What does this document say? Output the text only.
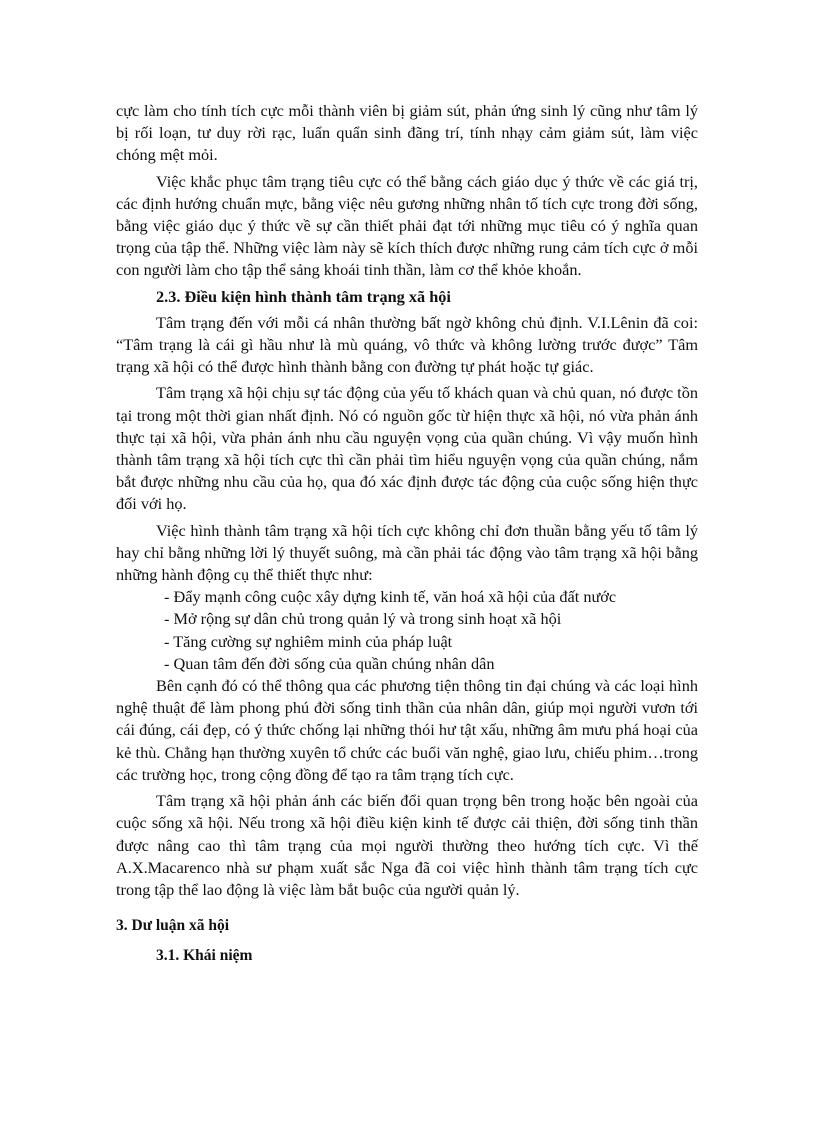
cực làm cho tính tích cực mỗi thành viên bị giảm sút, phản ứng sinh lý cũng như tâm lý bị rối loạn, tư duy rời rạc, luẩn quẩn sinh đãng trí, tính nhạy cảm giảm sút, làm việc chóng mệt mỏi.

Việc khắc phục tâm trạng tiêu cực có thể bằng cách giáo dục ý thức về các giá trị, các định hướng chuẩn mực, bằng việc nêu gương những nhân tố tích cực trong đời sống, bằng việc giáo dục ý thức về sự cần thiết phải đạt tới những mục tiêu có ý nghĩa quan trọng của tập thể. Những việc làm này sẽ kích thích được những rung cảm tích cực ở mỗi con người làm cho tập thể sảng khoái tinh thần, làm cơ thể khỏe khoắn.

2.3. Điều kiện hình thành tâm trạng xã hội

Tâm trạng đến với mỗi cá nhân thường bất ngờ không chủ định. V.I.Lênin đã coi: “Tâm trạng là cái gì hầu như là mù quáng, vô thức và không lường trước được” Tâm trạng xã hội có thể được hình thành bằng con đường tự phát hoặc tự giác.

Tâm trạng xã hội chịu sự tác động của yếu tố khách quan và chủ quan, nó được tồn tại trong một thời gian nhất định. Nó có nguồn gốc từ hiện thực xã hội, nó vừa phản ánh thực tại xã hội, vừa phản ánh nhu cầu nguyện vọng của quần chúng. Vì vậy muốn hình thành tâm trạng xã hội tích cực thì cần phải tìm hiểu nguyện vọng của quần chúng, nắm bắt được những nhu cầu của họ, qua đó xác định được tác động của cuộc sống hiện thực đối với họ.

Việc hình thành tâm trạng xã hội tích cực không chỉ đơn thuần bằng yếu tố tâm lý hay chỉ bằng những lời lý thuyết suông, mà cần phải tác động vào tâm trạng xã hội bằng những hành động cụ thể thiết thực như:

- Đẩy mạnh công cuộc xây dựng kinh tế, văn hoá xã hội của đất nước
- Mở rộng sự dân chủ trong quản lý và trong sinh hoạt xã hội
- Tăng cường sự nghiêm minh của pháp luật
- Quan tâm đến đời sống của quần chúng nhân dân

Bên cạnh đó có thể thông qua các phương tiện thông tin đại chúng và các loại hình nghệ thuật để làm phong phú đời sống tinh thần của nhân dân, giúp mọi người vươn tới cái đúng, cái đẹp, có ý thức chống lại những thói hư tật xấu, những âm mưu phá hoại của kẻ thù. Chẳng hạn thường xuyên tổ chức các buổi văn nghệ, giao lưu, chiếu phim…trong các trường học, trong cộng đồng để tạo ra tâm trạng tích cực.

Tâm trạng xã hội phản ánh các biến đổi quan trọng bên trong hoặc bên ngoài của cuộc sống xã hội. Nếu trong xã hội điều kiện kinh tế được cải thiện, đời sống tinh thần được nâng cao thì tâm trạng của mọi người thường theo hướng tích cực. Vì thế A.X.Macarenco nhà sư phạm xuất sắc Nga đã coi việc hình thành tâm trạng tích cực trong tập thể lao động là việc làm bắt buộc của người quản lý.

3. Dư luận xã hội
3.1. Khái niệm
